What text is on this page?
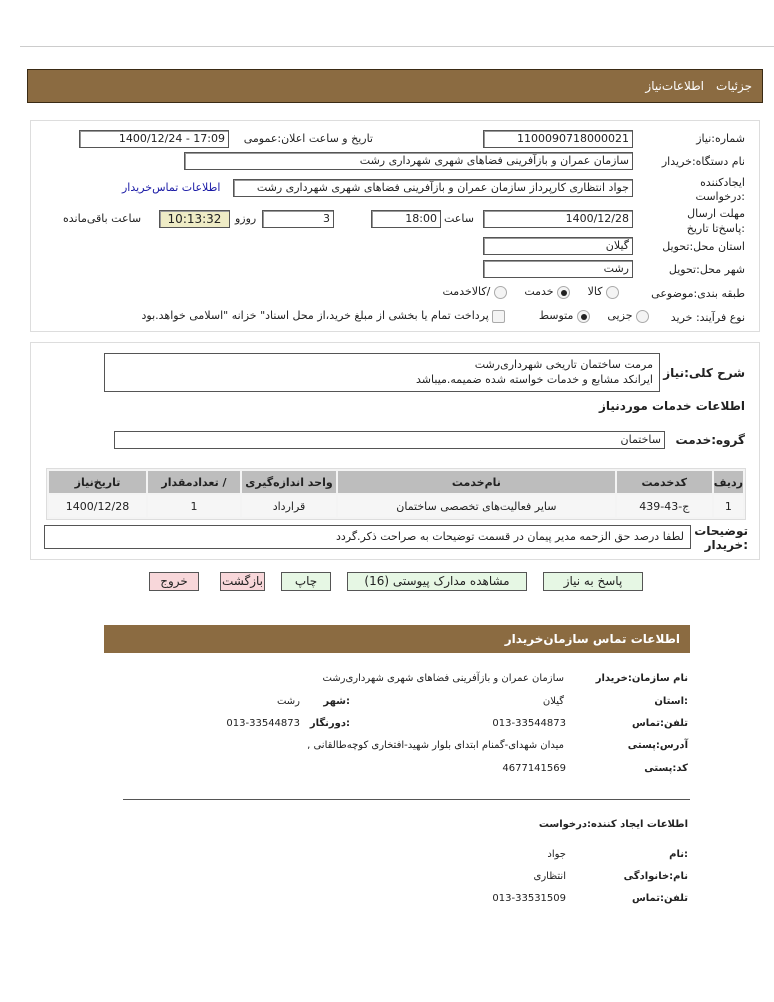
جزئیات
اطلاعات‌نیاز
شماره:نیاز
1100090718000021
تاریخ و ساعت اعلان:عمومی
1400/12/24 - 17:09
نام دستگاه:خریدار
سازمان عمران و بازآفرینی فضاهای شهری شهرداری رشت
ایجادکننده :درخواست
جواد انتظاری کارپرداز سازمان عمران و بازآفرینی فضاهای شهری شهرداری رشت
اطلاعات تماس‌خریدار
مهلت ارسال :پاسخ‌تا تاریخ
1400/12/28
ساعت
18:00
3
روزو
10:13:32
ساعت باقی‌مانده
استان محل:تحویل
گیلان
شهر محل:تحویل
رشت
طبقه بندی:موضوعی
کالا  خدمت  /کالاخدمت
نوع فرآیند: خرید
جزیی  متوسط  پرداخت تمام یا بخشی از مبلغ خرید،از محل اسناد" خزانه "اسلامی خواهد.بود
شرح کلی:نیاز
مرمت ساختمان تاریخی شهرداری‌رشت
ایرانکد مشابع و خدمات خواسته شده ضمیمه.میباشد
اطلاعات خدمات موردنیاز
گروه:خدمت
ساختمان
ردیف	کدخدمت	نام‌خدمت	واحد اندازه‌گیری	/ تعدادمقدار	تاریخ‌نیاز
1	ج-43-439	سایر فعالیت‌های تخصصی ساختمان	قرارداد	1	1400/12/28
توضیحات :خریدار
لطفا درصد حق الزحمه مدیر پیمان در قسمت توضیحات به صراحت ذکر.گردد
پاسخ به نیاز
مشاهده مدارک پیوستی (16)
چاپ
بازگشت
خروج
اطلاعات تماس سازمان‌خریدار
نام سازمان:خریدار
سازمان عمران و بازآفرینی فضاهای شهری شهرداری‌رشت
:استان
گیلان
:شهر
رشت
تلفن:تماس
013-33544873
:دورنگار
013-33544873
آدرس:پستی
میدان شهدای-گمنام ابتدای بلوار شهید-افتخاری کوچه‌طالقانی ,
کد:پستی
4677141569
اطلاعات ایجاد کننده:درخواست
:نام
جواد
نام:خانوادگی
انتظاری
تلفن:تماس
013-33531509
